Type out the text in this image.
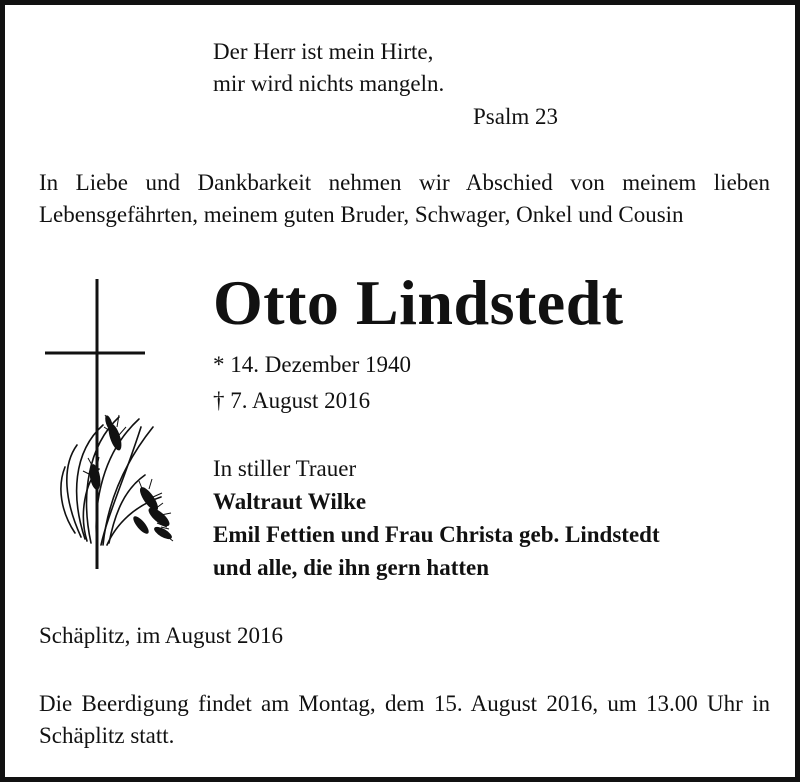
Der Herr ist mein Hirte,
mir wird nichts mangeln.

Psalm 23

In Liebe und Dankbarkeit nehmen wir Abschied von meinem lieben Lebensgefährten, meinem guten Bruder, Schwager, Onkel und Cousin

Otto Lindstedt

* 14. Dezember 1940

† 7. August 2016

In stiller Trauer

Waltraut Wilke

Emil Fettien und Frau Christa geb. Lindstedt

und alle, die ihn gern hatten

Schäplitz, im August 2016

Die Beerdigung findet am Montag, dem 15. August 2016, um 13.00 Uhr in Schäplitz statt.
